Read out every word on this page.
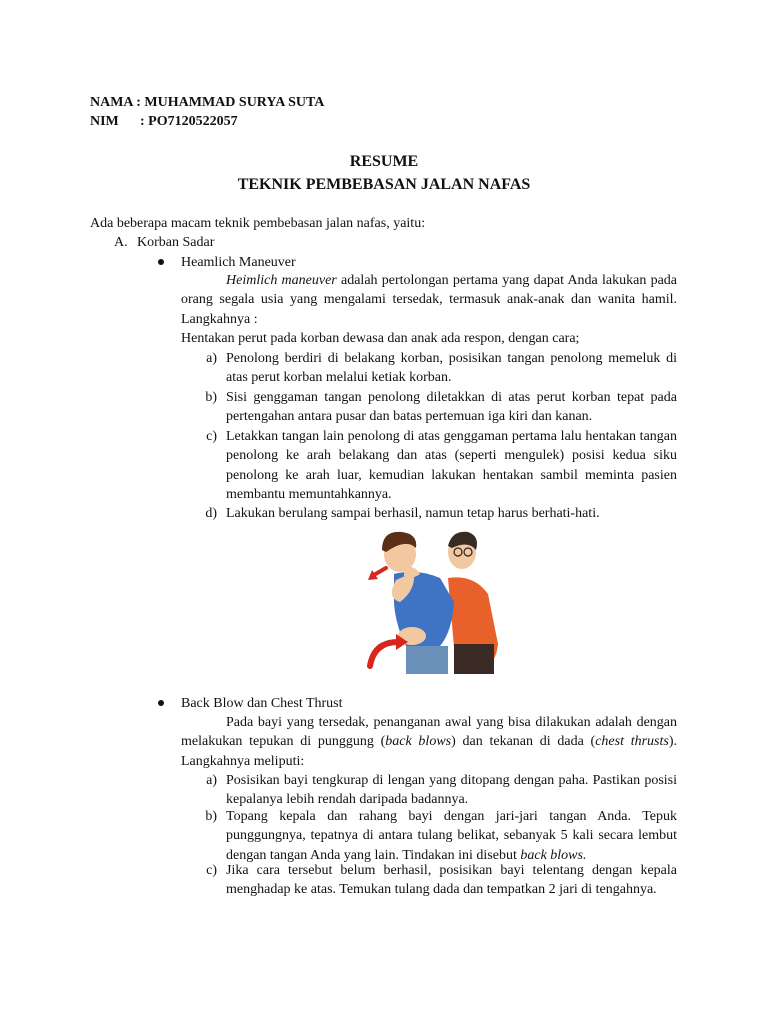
NAMA : MUHAMMAD SURYA SUTA
NIM : PO7120522057
RESUME
TEKNIK PEMBEBASAN JALAN NAFAS
Ada beberapa macam teknik pembebasan jalan nafas, yaitu:
A. Korban Sadar
Heamlich Maneuver
Heimlich maneuver adalah pertolongan pertama yang dapat Anda lakukan pada orang segala usia yang mengalami tersedak, termasuk anak-anak dan wanita hamil. Langkahnya :
Hentakan perut pada korban dewasa dan anak ada respon, dengan cara;
a) Penolong berdiri di belakang korban, posisikan tangan penolong memeluk di atas perut korban melalui ketiak korban.
b) Sisi genggaman tangan penolong diletakkan di atas perut korban tepat pada pertengahan antara pusar dan batas pertemuan iga kiri dan kanan.
c) Letakkan tangan lain penolong di atas genggaman pertama lalu hentakan tangan penolong ke arah belakang dan atas (seperti mengulek) posisi kedua siku penolong ke arah luar, kemudian lakukan hentakan sambil meminta pasien membantu memuntahkannya.
d) Lakukan berulang sampai berhasil, namun tetap harus berhati-hati.
Back Blow dan Chest Thrust
Pada bayi yang tersedak, penanganan awal yang bisa dilakukan adalah dengan melakukan tepukan di punggung (back blows) dan tekanan di dada (chest thrusts). Langkahnya meliputi:
a) Posisikan bayi tengkurap di lengan yang ditopang dengan paha. Pastikan posisi kepalanya lebih rendah daripada badannya.
b) Topang kepala dan rahang bayi dengan jari-jari tangan Anda. Tepuk punggungnya, tepatnya di antara tulang belikat, sebanyak 5 kali secara lembut dengan tangan Anda yang lain. Tindakan ini disebut back blows.
c) Jika cara tersebut belum berhasil, posisikan bayi telentang dengan kepala menghadap ke atas. Temukan tulang dada dan tempatkan 2 jari di tengahnya.
